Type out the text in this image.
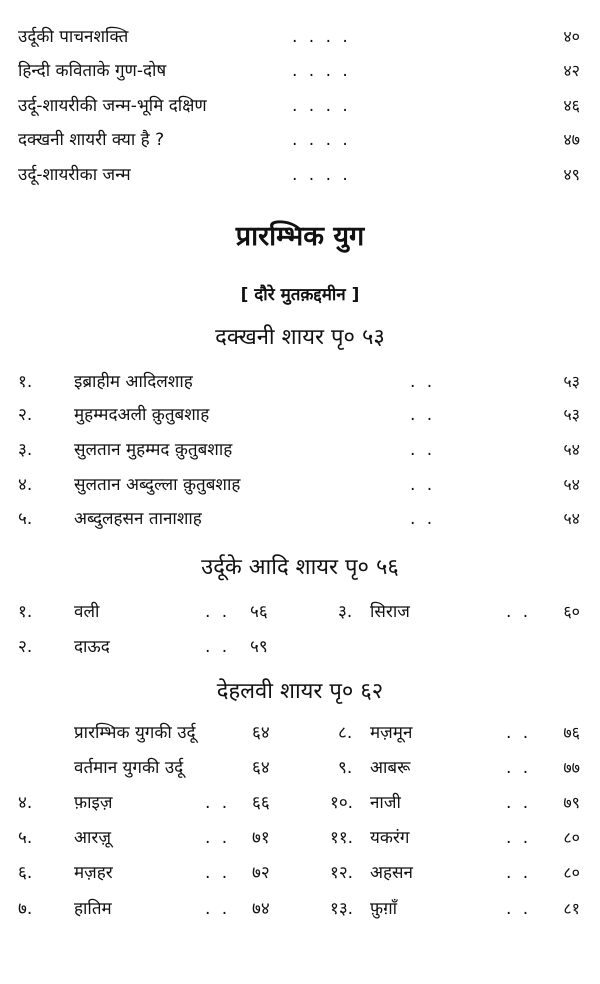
उर्दूकी पाचनशक्ति	. . . .	४०
हिन्दी कविताके गुण-दोष	. . . .	४२
उर्दू-शायरीकी जन्म-भूमि दक्षिण	. . . .	४६
दक्खनी शायरी क्या है ?	. . . .	४७
उर्दू-शायरीका जन्म	. . . .	४९
प्रारम्भिक युग
[ दौरे मुतक़द्दमीन ]
दक्खनी शायर पृ० ५३
१. इब्राहीम आदिलशाह	. .	५३
२. मुहम्मदअली क़ुतुबशाह	. .	५३
३. सुलतान मुहम्मद क़ुतुबशाह	. .	५४
४. सुलतान अब्दुल्ला क़ुतुबशाह	. .	५४
५. अब्दुलहसन तानाशाह	. .	५४
उर्दूके आदि शायर पृ० ५६
१. वली	. . ५६	३. सिराज	. .	६०
२. दाऊद	. . ५९
देहलवी शायर पृ० ६२
प्रारम्भिक युगकी उर्दू	६४	८. मज़मून	. .	७६
वर्तमान युगकी उर्दू	६४	९. आबरू	. .	७७
४. फ़ाइज़	. . ६६	१०. नाजी	. .	७९
५. आरज़ू	. . ७१	११. यकरंग	. .	८०
६. मज़हर	. . ७२	१२. अहसन	. .	८०
७. हातिम	. . ७४	१३. फ़ुग़ाँ	. .	८१
